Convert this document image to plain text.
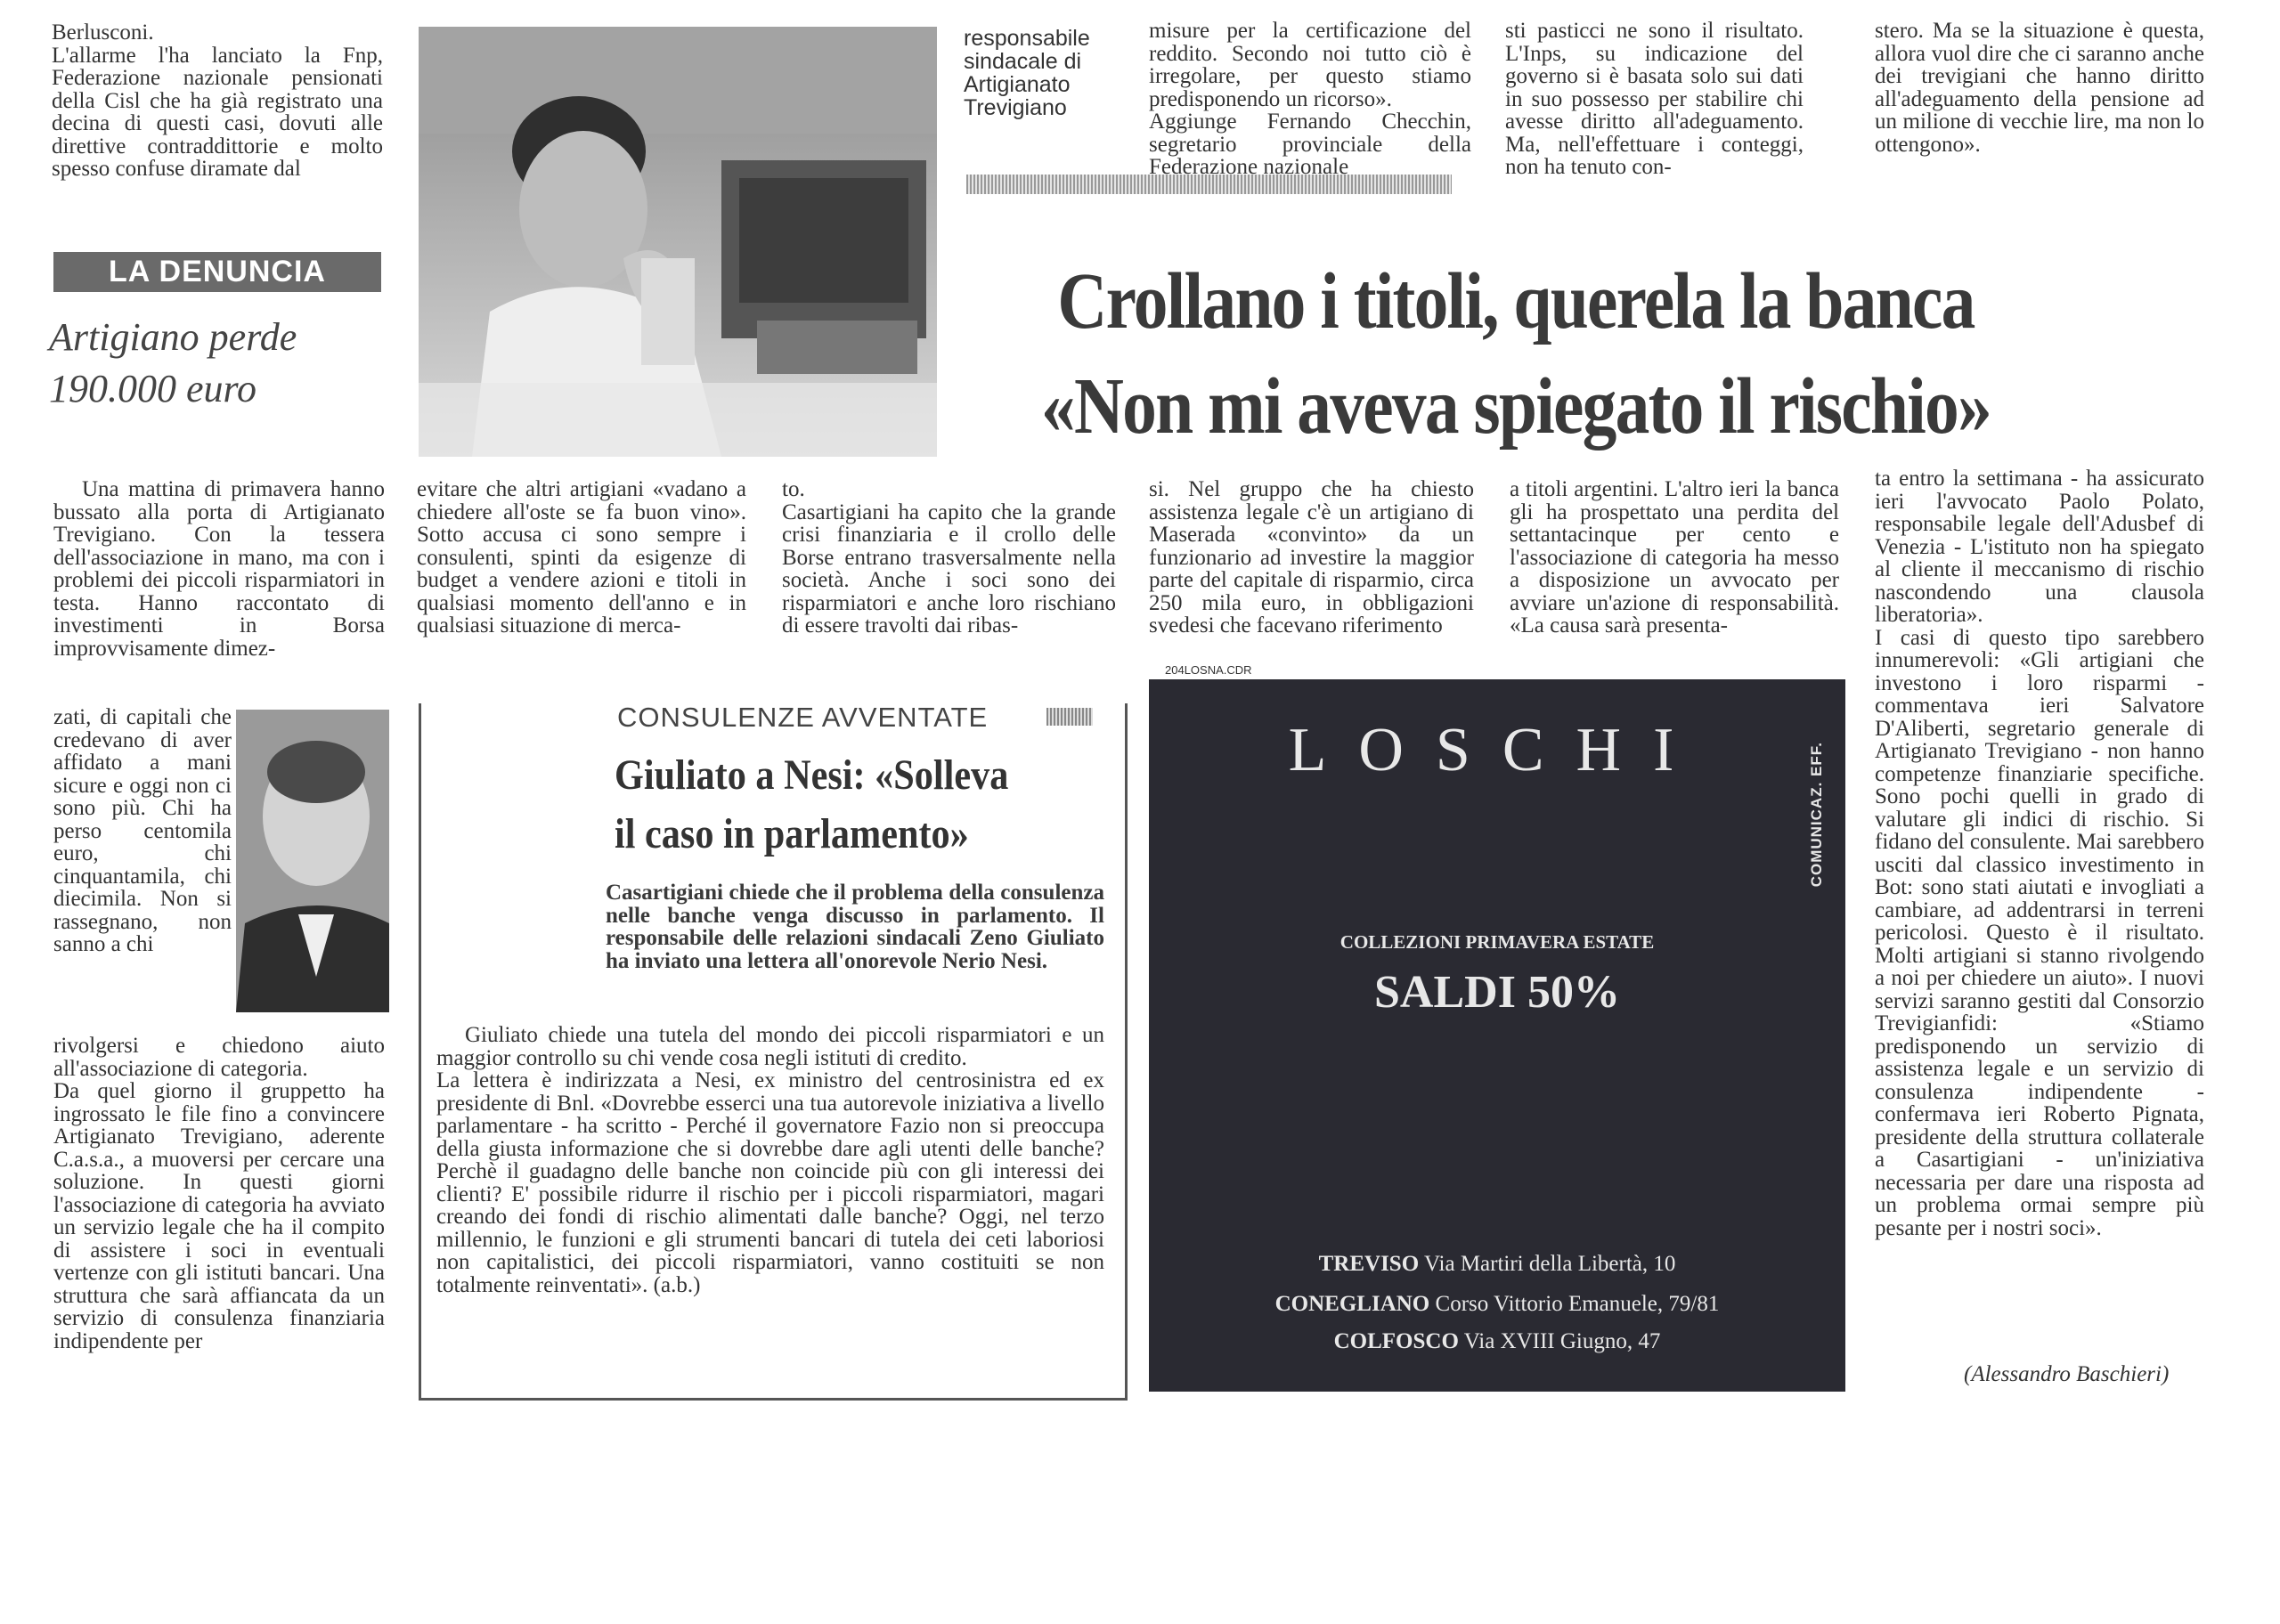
Berlusconi.
L'allarme l'ha lanciato la Fnp, Federazione nazionale pensionati della Cisl che ha già registrato una decina di questi casi, dovuti alle direttive contraddittorie e molto spesso confuse diramate dal

LA DENUNCIA
Artigiano perde
190.000 euro
responsabile sindacale di Artigianato Trevigiano

misure per la certificazione del reddito. Secondo noi tutto ciò è irregolare, per questo stiamo predisponendo un ricorso».
Aggiunge Fernando Checchin, segretario provinciale della Federazione nazionale

sti pasticci ne sono il risultato. L'Inps, su indicazione del governo si è basata solo sui dati in suo possesso per stabilire chi avesse diritto all'adeguamento. Ma, nell'effettuare i conteggi, non ha tenuto con-

stero. Ma se la situazione è questa, allora vuol dire che ci saranno anche dei trevigiani che hanno diritto all'adeguamento della pensione ad un milione di vecchie lire, ma non lo ottengono».

Crollano i titoli, querela la banca
«Non mi aveva spiegato il rischio»

Una mattina di primavera hanno bussato alla porta di Artigianato Trevigiano. Con la tessera dell'associazione in mano, ma con i problemi dei piccoli risparmiatori in testa. Hanno raccontato di investimenti in Borsa improvvisamente dimez-

zati, di capitali che credevano di aver affidato a mani sicure e oggi non ci sono più. Chi ha perso centomila euro, chi cinquantamila, chi diecimila. Non si rassegnano, non sanno a chi

rivolgersi e chiedono aiuto all'associazione di categoria.
Da quel giorno il gruppetto ha ingrossato le file fino a convincere Artigianato Trevigiano, aderente C.a.s.a., a muoversi per cercare una soluzione. In questi giorni l'associazione di categoria ha avviato un servizio legale che ha il compito di assistere i soci in eventuali vertenze con gli istituti bancari. Una struttura che sarà affiancata da un servizio di consulenza finanziaria indipendente per

evitare che altri artigiani «vadano a chiedere all'oste se fa buon vino». Sotto accusa ci sono sempre i consulenti, spinti da esigenze di budget a vendere azioni e titoli in qualsiasi momento dell'anno e in qualsiasi situazione di merca-

to.
Casartigiani ha capito che la grande crisi finanziaria e il crollo delle Borse entrano trasversalmente nella società. Anche i soci sono dei risparmiatori e anche loro rischiano di essere travolti dai ribas-

si. Nel gruppo che ha chiesto assistenza legale c'è un artigiano di Maserada «convinto» da un funzionario ad investire la maggior parte del capitale di risparmio, circa 250 mila euro, in obbligazioni svedesi che facevano riferimento

a titoli argentini. L'altro ieri la banca gli ha prospettato una perdita del settantacinque per cento e l'associazione di categoria ha messo a disposizione un avvocato per avviare un'azione di responsabilità. «La causa sarà presenta-

ta entro la settimana - ha assicurato ieri l'avvocato Paolo Polato, responsabile legale dell'Adusbef di Venezia - L'istituto non ha spiegato al cliente il meccanismo di rischio nascondendo una clausola liberatoria».
I casi di questo tipo sarebbero innumerevoli: «Gli artigiani che investono i loro risparmi - commentava ieri Salvatore D'Aliberti, segretario generale di Artigianato Trevigiano - non hanno competenze finanziarie specifiche. Sono pochi quelli in grado di valutare gli indici di rischio. Si fidano del consulente. Mai sarebbero usciti dal classico investimento in Bot: sono stati aiutati e invogliati a cambiare, ad addentrarsi in terreni pericolosi. Questo è il risultato. Molti artigiani si stanno rivolgendo a noi per chiedere un aiuto». I nuovi servizi saranno gestiti dal Consorzio Trevigianfidi: «Stiamo predisponendo un servizio di assistenza legale e un servizio di consulenza indipendente - confermava ieri Roberto Pignata, presidente della struttura collaterale a Casartigiani - un'iniziativa necessaria per dare una risposta ad un problema ormai sempre più pesante per i nostri soci».

(Alessandro Baschieri)
CONSULENZE AVVENTATE
Giuliato a Nesi: «Solleva
il caso in parlamento»
Casartigiani chiede che il problema della consulenza nelle banche venga discusso in parlamento. Il responsabile delle relazioni sindacali Zeno Giuliato ha inviato una lettera all'onorevole Nerio Nesi.

Giuliato chiede una tutela del mondo dei piccoli risparmiatori e un maggior controllo su chi vende cosa negli istituti di credito.
La lettera è indirizzata a Nesi, ex ministro del centrosinistra ed ex presidente di Bnl. «Dovrebbe esserci una tua autorevole iniziativa a livello parlamentare - ha scritto - Perché il governatore Fazio non si preoccupa della giusta informazione che si dovrebbe dare agli utenti delle banche? Perchè il guadagno delle banche non coincide più con gli interessi dei clienti? E' possibile ridurre il rischio per i piccoli risparmiatori, magari creando dei fondi di rischio alimentati dalle banche? Oggi, nel terzo millennio, le funzioni e gli strumenti bancari di tutela dei ceti laboriosi non capitalistici, dei piccoli risparmiatori, vanno costituiti se non totalmente reinventati». (a.b.)

204LOSNA.CDR
LOSCHI	COMUNICAZ. EFF.
COLLEZIONI PRIMAVERA ESTATE
SALDI 50%
TREVISO Via Martiri della Libertà, 10
CONEGLIANO Corso Vittorio Emanuele, 79/81
COLFOSCO Via XVIII Giugno, 47
